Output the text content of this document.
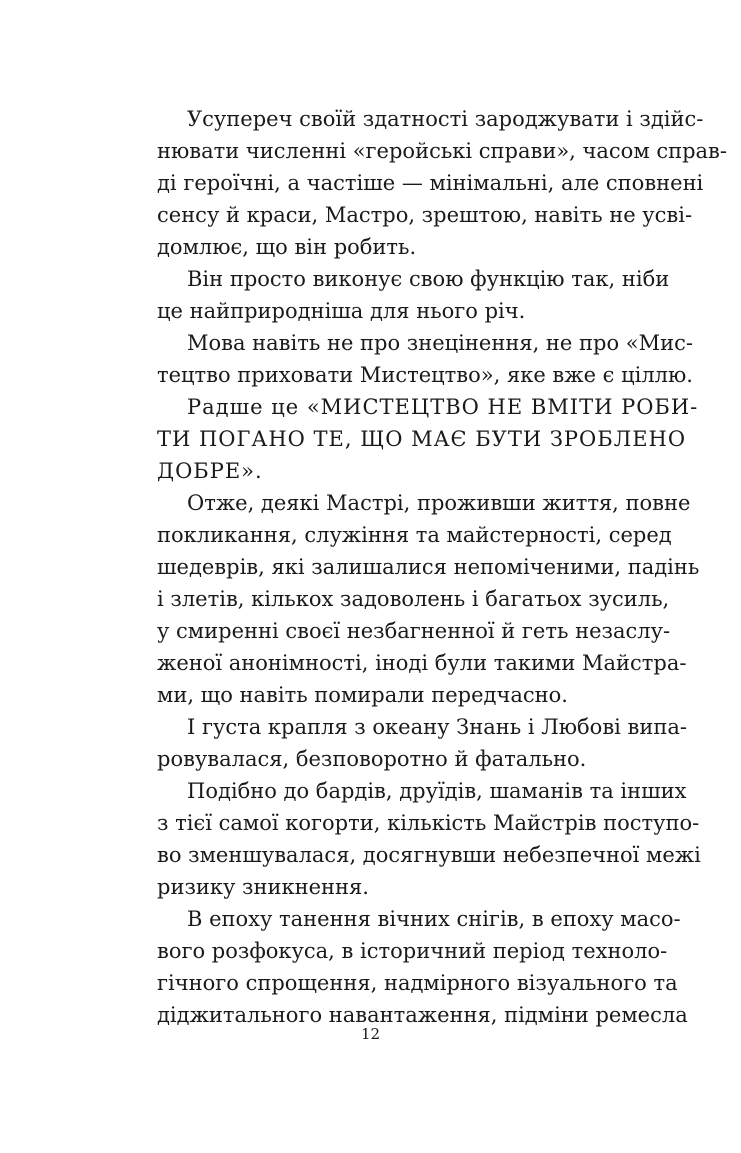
Усупереч своїй здатності зароджувати і здійс-
нювати численні «геройські справи», часом справ-
ді героїчні, а частіше — мінімальні, але сповнені
сенсу й краси, Мастро, зрештою, навіть не усві-
домлює, що він робить.
Він просто виконує свою функцію так, ніби
це найприродніша для нього річ.
Мова навіть не про знецінення, не про «Мис-
тецтво приховати Мистецтво», яке вже є ціллю.
Радше це «МИСТЕЦТВО НЕ ВМІТИ РОБИ-
ТИ ПОГАНО ТЕ, ЩО МАЄ БУТИ ЗРОБЛЕНО
ДОБРЕ».
Отже, деякі Мастрі, проживши життя, повне
покликання, служіння та майстерності, серед
шедеврів, які залишалися непоміченими, падінь
і злетів, кількох задоволень і багатьох зусиль,
у смиренні своєї незбагненної й геть незаслу-
женої анонімності, іноді були такими Майстра-
ми, що навіть помирали передчасно.
І густа крапля з океану Знань і Любові випа-
ровувалася, безповоротно й фатально.
Подібно до бардів, друїдів, шаманів та інших
з тієї самої когорти, кількість Майстрів поступо-
во зменшувалася, досягнувши небезпечної межі
ризику зникнення.
В епоху танення вічних снігів, в епоху масо-
вого розфокуса, в історичний період техноло-
гічного спрощення, надмірного візуального та
діджитального навантаження, підміни ремесла
12
